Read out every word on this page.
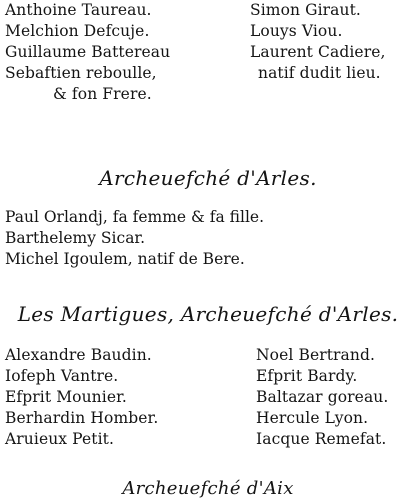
Anthoine Taureau.
Melchion Defcuje.
Guillaume Battereau
Sebaftien reboulle,
& fon Frere.
Simon Giraut.
Louys Viou.
Laurent Cadiere,
natif dudit lieu.
Archeuefché d'Arles.
Paul Orlandj, fa femme & fa fille.
Barthelemy Sicar.
Michel Igoulem, natif de Bere.
Les Martigues, Archeuefché d'Arles.
Alexandre Baudin.
Iofeph Vantre.
Efprit Mounier.
Berhardin Homber.
Aruieux Petit.
Noel Bertrand.
Efprit Bardy.
Baltazar goreau.
Hercule Lyon.
Iacque Remefat.
Archeuefché d'Aix
